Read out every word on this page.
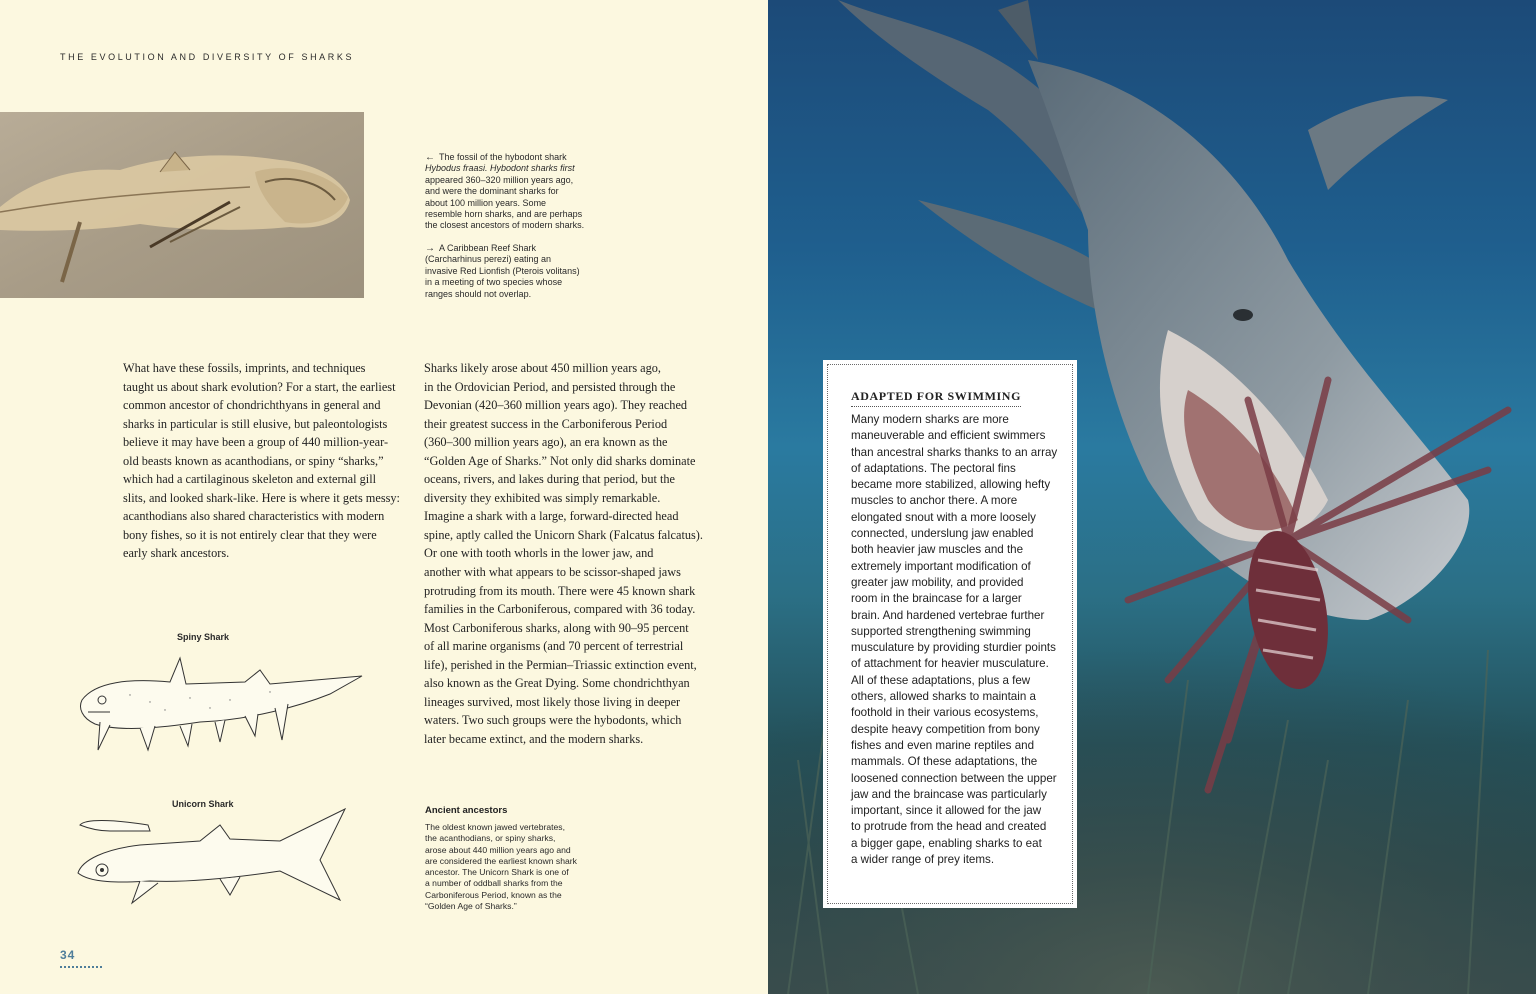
THE EVOLUTION AND DIVERSITY OF SHARKS
← The fossil of the hybodont shark
Hybodus fraasi. Hybodont sharks first
appeared 360–320 million years ago,
and were the dominant sharks for
about 100 million years. Some
resemble horn sharks, and are perhaps
the closest ancestors of modern sharks.
→ A Caribbean Reef Shark
(Carcharhinus perezi) eating an
invasive Red Lionfish (Pterois volitans)
in a meeting of two species whose
ranges should not overlap.
What have these fossils, imprints, and techniques
taught us about shark evolution? For a start, the earliest
common ancestor of chondrichthyans in general and
sharks in particular is still elusive, but paleontologists
believe it may have been a group of 440 million-year-
old beasts known as acanthodians, or spiny “sharks,”
which had a cartilaginous skeleton and external gill
slits, and looked shark-like. Here is where it gets messy:
acanthodians also shared characteristics with modern
bony fishes, so it is not entirely clear that they were
early shark ancestors.
Sharks likely arose about 450 million years ago,
in the Ordovician Period, and persisted through the
Devonian (420–360 million years ago). They reached
their greatest success in the Carboniferous Period
(360–300 million years ago), an era known as the
“Golden Age of Sharks.” Not only did sharks dominate
oceans, rivers, and lakes during that period, but the
diversity they exhibited was simply remarkable.
Imagine a shark with a large, forward-directed head
spine, aptly called the Unicorn Shark (Falcatus falcatus).
Or one with tooth whorls in the lower jaw, and
another with what appears to be scissor-shaped jaws
protruding from its mouth. There were 45 known shark
families in the Carboniferous, compared with 36 today.
Most Carboniferous sharks, along with 90–95 percent
of all marine organisms (and 70 percent of terrestrial
life), perished in the Permian–Triassic extinction event,
also known as the Great Dying. Some chondrichthyan
lineages survived, most likely those living in deeper
waters. Two such groups were the hybodonts, which
later became extinct, and the modern sharks.
Spiny Shark
Unicorn Shark
Ancient ancestors
The oldest known jawed vertebrates,
the acanthodians, or spiny sharks,
arose about 440 million years ago and
are considered the earliest known shark
ancestor. The Unicorn Shark is one of
a number of oddball sharks from the
Carboniferous Period, known as the
“Golden Age of Sharks.”
34
ADAPTED FOR SWIMMING
Many modern sharks are more
maneuverable and efficient swimmers
than ancestral sharks thanks to an array
of adaptations. The pectoral fins
became more stabilized, allowing hefty
muscles to anchor there. A more
elongated snout with a more loosely
connected, underslung jaw enabled
both heavier jaw muscles and the
extremely important modification of
greater jaw mobility, and provided
room in the braincase for a larger
brain. And hardened vertebrae further
supported strengthening swimming
musculature by providing sturdier points
of attachment for heavier musculature.
All of these adaptations, plus a few
others, allowed sharks to maintain a
foothold in their various ecosystems,
despite heavy competition from bony
fishes and even marine reptiles and
mammals. Of these adaptations, the
loosened connection between the upper
jaw and the braincase was particularly
important, since it allowed for the jaw
to protrude from the head and created
a bigger gape, enabling sharks to eat
a wider range of prey items.
